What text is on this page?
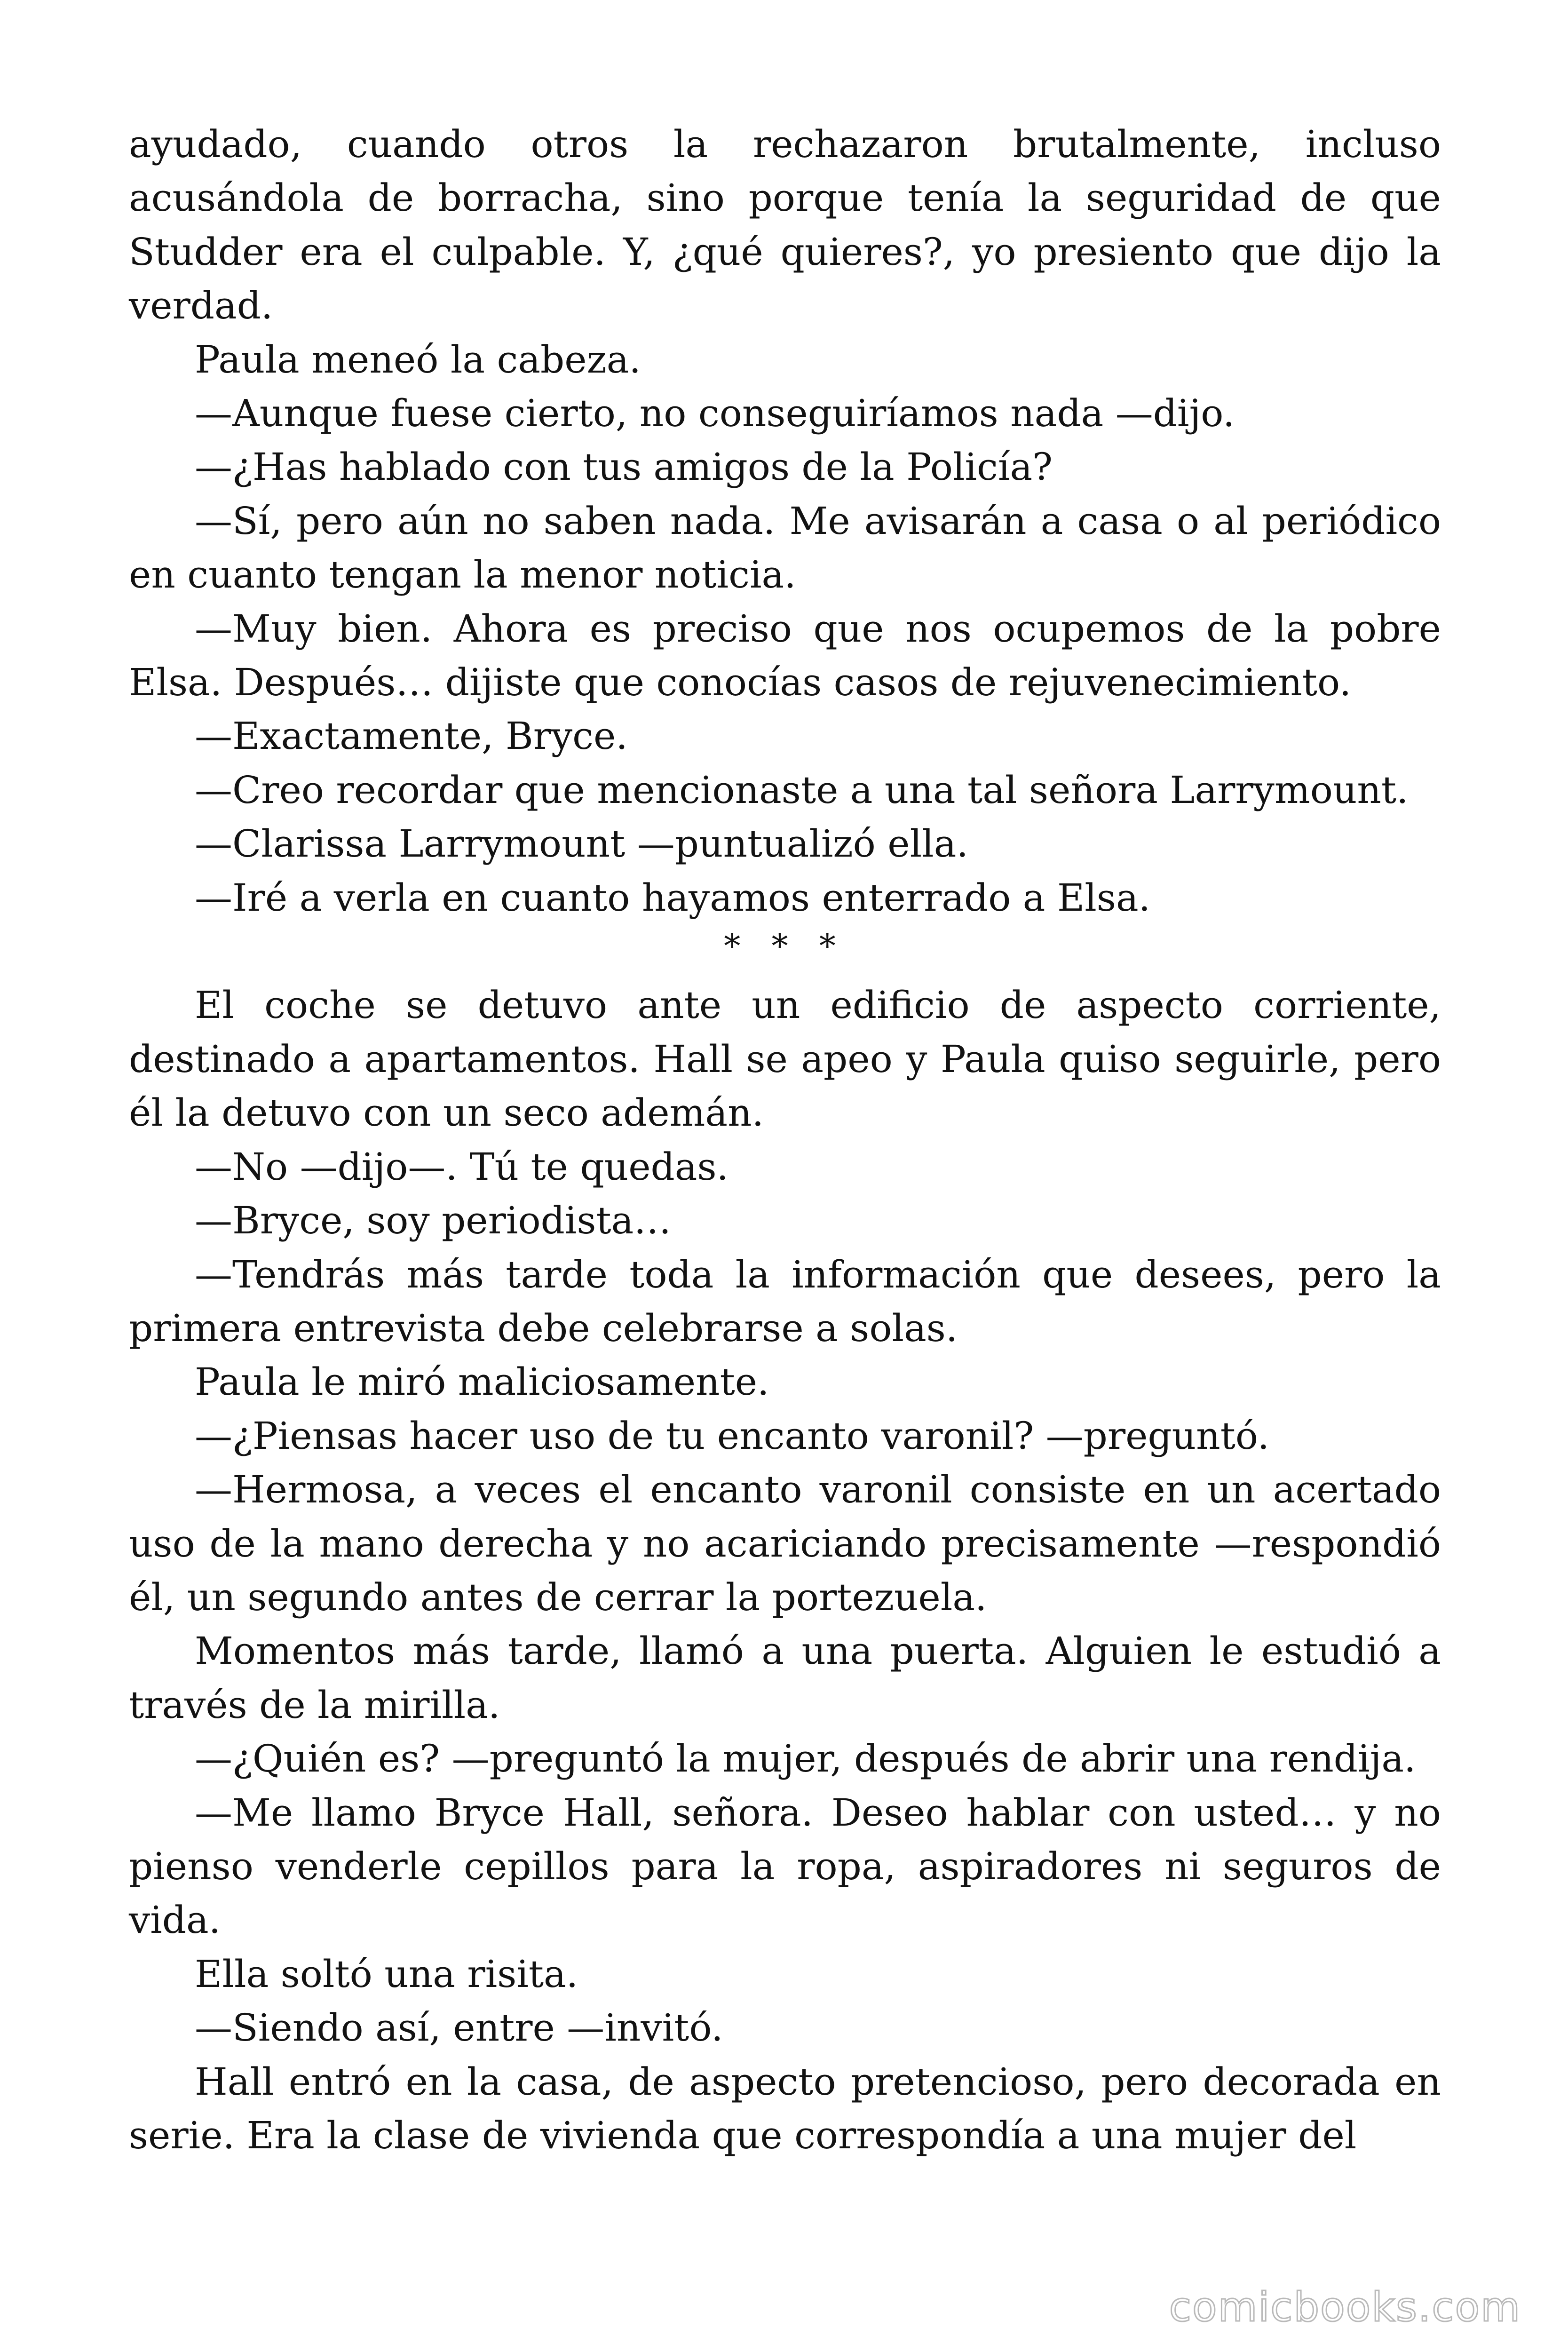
ayudado, cuando otros la rechazaron brutalmente, incluso acusándola de borracha, sino porque tenía la seguridad de que Studder era el culpable. Y, ¿qué quieres?, yo presiento que dijo la verdad.

Paula meneó la cabeza.

—Aunque fuese cierto, no conseguiríamos nada —dijo.

—¿Has hablado con tus amigos de la Policía?

—Sí, pero aún no saben nada. Me avisarán a casa o al periódico en cuanto tengan la menor noticia.

—Muy bien. Ahora es preciso que nos ocupemos de la pobre Elsa. Después… dijiste que conocías casos de rejuvenecimiento.

—Exactamente, Bryce.

—Creo recordar que mencionaste a una tal señora Larrymount.

—Clarissa Larrymount —puntualizó ella.

—Iré a verla en cuanto hayamos enterrado a Elsa.

* * *

El coche se detuvo ante un edificio de aspecto corriente, destinado a apartamentos. Hall se apeo y Paula quiso seguirle, pero él la detuvo con un seco ademán.

—No —dijo—. Tú te quedas.

—Bryce, soy periodista…

—Tendrás más tarde toda la información que desees, pero la primera entrevista debe celebrarse a solas.

Paula le miró maliciosamente.

—¿Piensas hacer uso de tu encanto varonil? —preguntó.

—Hermosa, a veces el encanto varonil consiste en un acertado uso de la mano derecha y no acariciando precisamente —respondió él, un segundo antes de cerrar la portezuela.

Momentos más tarde, llamó a una puerta. Alguien le estudió a través de la mirilla.

—¿Quién es? —preguntó la mujer, después de abrir una rendija.

—Me llamo Bryce Hall, señora. Deseo hablar con usted… y no pienso venderle cepillos para la ropa, aspiradores ni seguros de vida.

Ella soltó una risita.

—Siendo así, entre —invitó.

Hall entró en la casa, de aspecto pretencioso, pero decorada en serie. Era la clase de vivienda que correspondía a una mujer del

comicbooks.com
